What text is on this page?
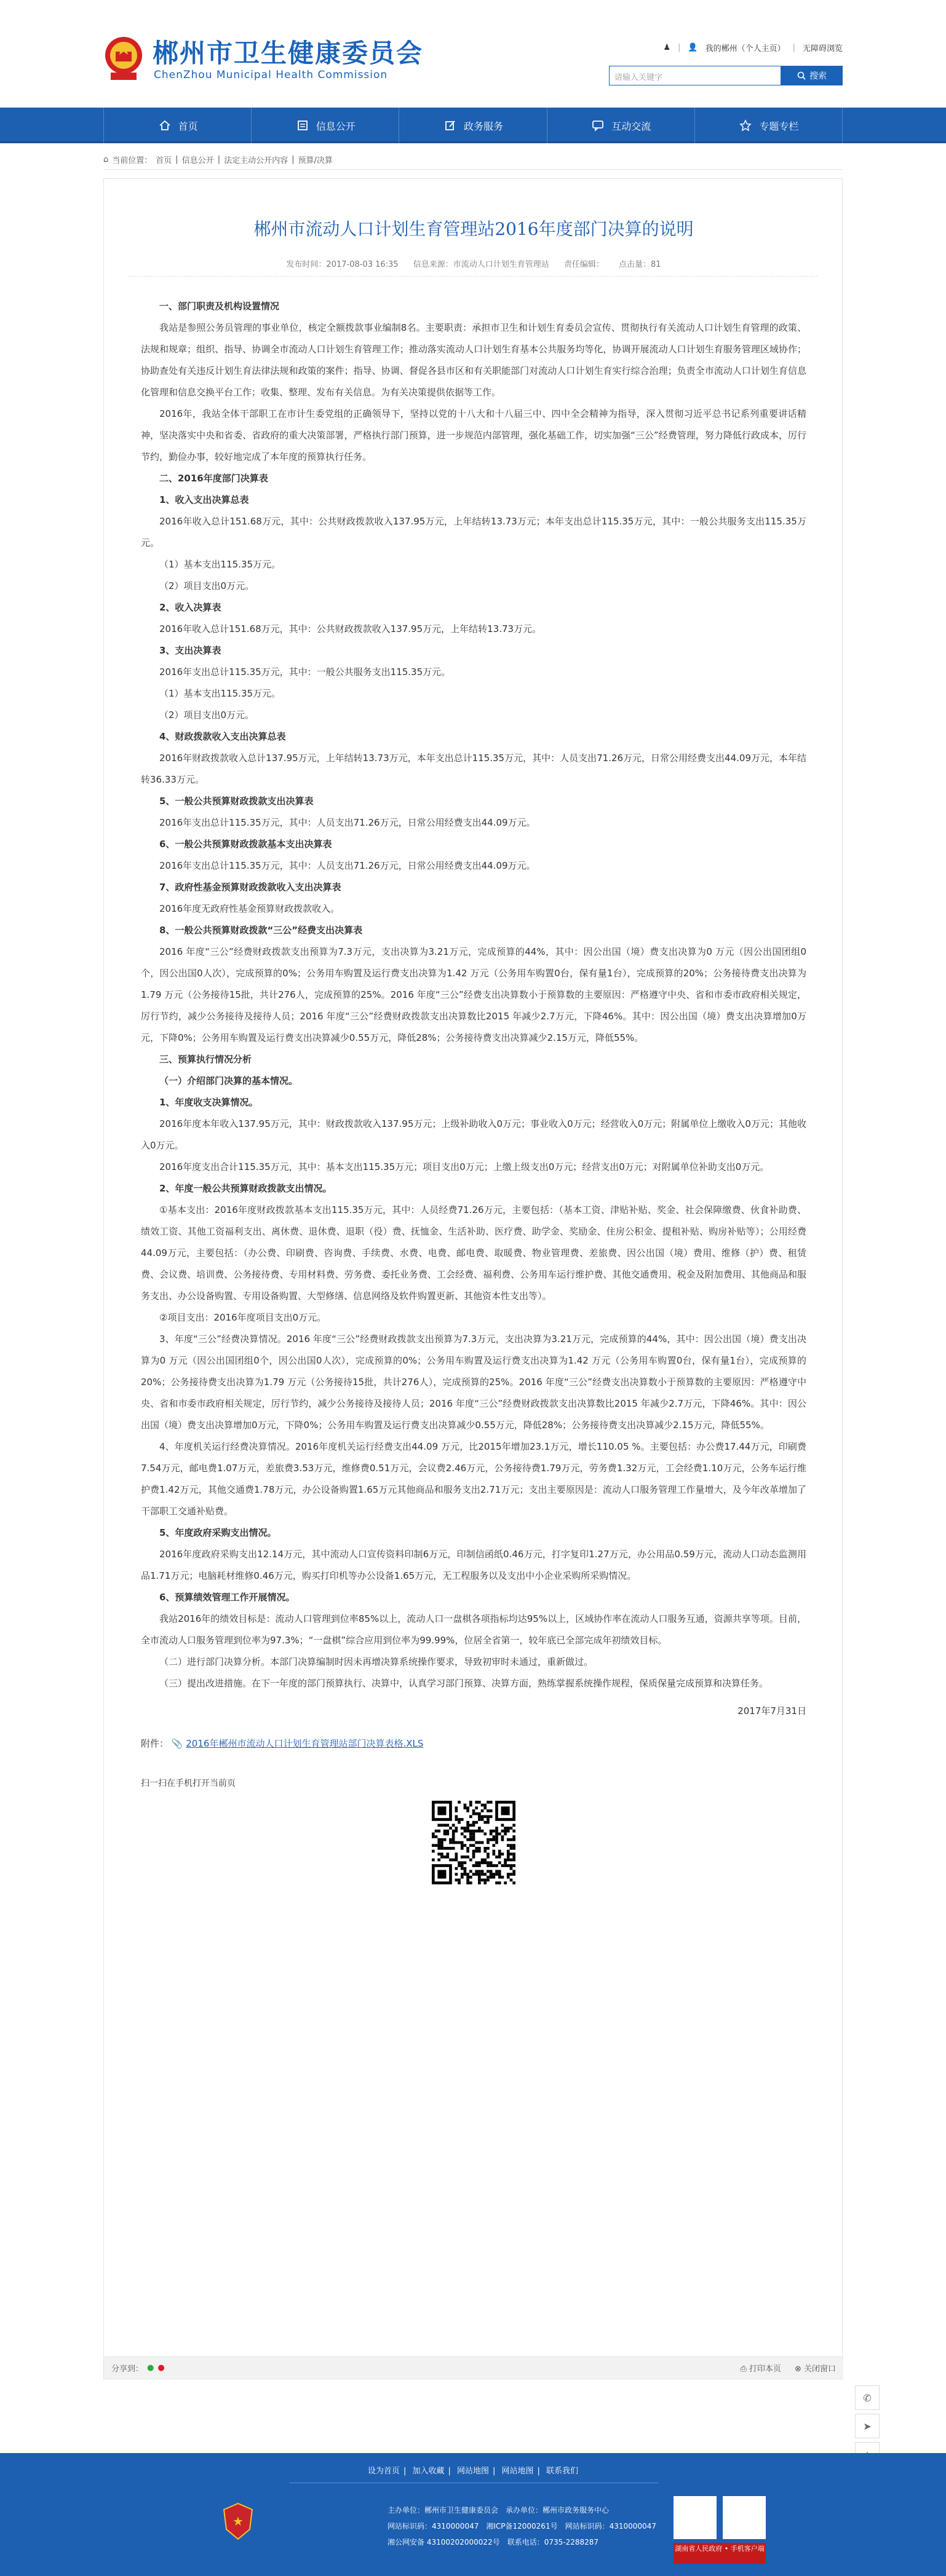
郴州市卫生健康委员会
ChenZhou Municipal Health Commission
♟ | 👤 我的郴州（个人主页） | 无障碍浏览
请输入关键字	搜索
首页	信息公开	政务服务	互动交流	专题专栏
⌂ 当前位置： 首页 | 信息公开 | 法定主动公开内容 | 预算/决算
郴州市流动人口计划生育管理站2016年度部门决算的说明
发布时间：2017-08-03 16:35 信息来源：市流动人口计划生育管理站 责任编辑： 点击量：81

一、部门职责及机构设置情况

我站是参照公务员管理的事业单位，核定全额拨款事业编制8名。主要职责：承担市卫生和计划生育委员会宣传、贯彻执行有关流动人口计划生育管理的政策、法规和规章；组织、指导、协调全市流动人口计划生育管理工作；推动落实流动人口计划生育基本公共服务均等化，协调开展流动人口计划生育服务管理区域协作；协助查处有关违反计划生育法律法规和政策的案件；指导、协调、督促各县市区和有关职能部门对流动人口计划生育实行综合治理；负责全市流动人口计划生育信息化管理和信息交换平台工作；收集、整理、发布有关信息。为有关决策提供依据等工作。

2016年，我站全体干部职工在市计生委党组的正确领导下，坚持以党的十八大和十八届三中、四中全会精神为指导，深入贯彻习近平总书记系列重要讲话精神，坚决落实中央和省委、省政府的重大决策部署，严格执行部门预算，进一步规范内部管理，强化基础工作，切实加强“三公”经费管理，努力降低行政成本，厉行节约，勤俭办事，较好地完成了本年度的预算执行任务。

二、2016年度部门决算表

1、收入支出决算总表

2016年收入总计151.68万元，其中：公共财政拨款收入137.95万元，上年结转13.73万元；本年支出总计115.35万元，其中：一般公共服务支出115.35万元。

（1）基本支出115.35万元。

（2）项目支出0万元。

2、收入决算表

2016年收入总计151.68万元，其中：公共财政拨款收入137.95万元，上年结转13.73万元。

3、支出决算表

2016年支出总计115.35万元，其中：一般公共服务支出115.35万元。

（1）基本支出115.35万元。

（2）项目支出0万元。

4、财政拨款收入支出决算总表

2016年财政拨款收入总计137.95万元，上年结转13.73万元，本年支出总计115.35万元，其中：人员支出71.26万元，日常公用经费支出44.09万元，本年结转36.33万元。

5、一般公共预算财政拨款支出决算表

2016年支出总计115.35万元，其中：人员支出71.26万元，日常公用经费支出44.09万元。

6、一般公共预算财政拨款基本支出决算表

2016年支出总计115.35万元，其中：人员支出71.26万元，日常公用经费支出44.09万元。

7、政府性基金预算财政拨款收入支出决算表

2016年度无政府性基金预算财政拨款收入。

8、一般公共预算财政拨款“三公”经费支出决算表

2016 年度“三公”经费财政拨款支出预算为7.3万元，支出决算为3.21万元，完成预算的44%，其中：因公出国（境）费支出决算为0 万元（因公出国团组0个，因公出国0人次），完成预算的0%；公务用车购置及运行费支出决算为1.42 万元（公务用车购置0台，保有量1台），完成预算的20%；公务接待费支出决算为1.79 万元（公务接待15批，共计276人，完成预算的25%。2016 年度“三公”经费支出决算数小于预算数的主要原因：严格遵守中央、省和市委市政府相关规定，厉行节约，减少公务接待及接待人员；2016 年度“三公”经费财政拨款支出决算数比2015 年减少2.7万元，下降46%。其中：因公出国（境）费支出决算增加0万元，下降0%；公务用车购置及运行费支出决算减少0.55万元，降低28%；公务接待费支出决算减少2.15万元，降低55%。

三、预算执行情况分析

（一）介绍部门决算的基本情况。

1、年度收支决算情况。

2016年度本年收入137.95万元，其中：财政拨款收入137.95万元；上级补助收入0万元；事业收入0万元；经营收入0万元；附属单位上缴收入0万元；其他收入0万元。

2016年度支出合计115.35万元，其中：基本支出115.35万元；项目支出0万元；上缴上级支出0万元；经营支出0万元；对附属单位补助支出0万元。

2、年度一般公共预算财政拨款支出情况。

①基本支出：2016年度财政拨款基本支出115.35万元，其中：人员经费71.26万元，主要包括：（基本工资、津贴补贴、奖金、社会保障缴费、伙食补助费、绩效工资、其他工资福利支出、离休费、退休费、退职（役）费、抚恤金、生活补助、医疗费、助学金、奖励金、住房公积金、提租补贴、购房补贴等）；公用经费44.09万元，主要包括：（办公费、印刷费、咨询费、手续费、水费、电费、邮电费、取暖费、物业管理费、差旅费、因公出国（境）费用、维修（护）费、租赁费、会议费、培训费、公务接待费、专用材料费、劳务费、委托业务费、工会经费、福利费、公务用车运行维护费、其他交通费用、税金及附加费用、其他商品和服务支出、办公设备购置、专用设备购置、大型修缮、信息网络及软件购置更新、其他资本性支出等）。

②项目支出：2016年度项目支出0万元。

3、年度“三公”经费决算情况。2016 年度“三公”经费财政拨款支出预算为7.3万元，支出决算为3.21万元，完成预算的44%，其中：因公出国（境）费支出决算为0 万元（因公出国团组0个，因公出国0人次），完成预算的0%；公务用车购置及运行费支出决算为1.42 万元（公务用车购置0台，保有量1台），完成预算的20%；公务接待费支出决算为1.79 万元（公务接待15批，共计276人），完成预算的25%。2016 年度“三公”经费支出决算数小于预算数的主要原因：严格遵守中央、省和市委市政府相关规定，厉行节约，减少公务接待及接待人员；2016 年度“三公”经费财政拨款支出决算数比2015 年减少2.7万元，下降46%。其中：因公出国（境）费支出决算增加0万元，下降0%；公务用车购置及运行费支出决算减少0.55万元，降低28%；公务接待费支出决算减少2.15万元，降低55%。

4、年度机关运行经费决算情况。2016年度机关运行经费支出44.09 万元，比2015年增加23.1万元，增长110.05 %。主要包括：办公费17.44万元，印刷费7.54万元，邮电费1.07万元，差旅费3.53万元，维修费0.51万元，会议费2.46万元，公务接待费1.79万元，劳务费1.32万元，工会经费1.10万元，公务车运行维护费1.42万元，其他交通费1.78万元，办公设备购置1.65万元其他商品和服务支出2.71万元；支出主要原因是：流动人口服务管理工作量增大，及今年改革增加了干部职工交通补贴费。

5、年度政府采购支出情况。

2016年度政府采购支出12.14万元，其中流动人口宣传资料印制6万元，印制信函纸0.46万元，打字复印1.27万元，办公用品0.59万元，流动人口动态监测用品1.71万元；电脑耗材维修0.46万元，购买打印机等办公设备1.65万元，无工程服务以及支出中小企业采购所采购情况。

6、预算绩效管理工作开展情况。

我站2016年的绩效目标是：流动人口管理到位率85%以上，流动人口一盘棋各项指标均达95%以上，区域协作率在流动人口服务互通，资源共享等项。目前，全市流动人口服务管理到位率为97.3%；“一盘棋”综合应用到位率为99.99%，位居全省第一，较年底已全部完成年初绩效目标。

（二）进行部门决算分析。本部门决算编制时因未再增决算系统操作要求，导致初审时未通过，重新做过。

（三）提出改进措施。在下一年度的部门预算执行、决算中，认真学习部门预算、决算方面，熟练掌握系统操作规程，保质保量完成预算和决算任务。

2017年7月31日

附件： 📎 2016年郴州市流动人口计划生育管理站部门决算表格.XLS

扫一扫在手机打开当前页

分享到： ● ●	⎙ 打印本页 ⊗ 关闭窗口
✆
➤
设为首页 | 加入收藏 | 网站地图 | 网站地图 | 联系我们
★
主办单位：郴州市卫生健康委员会　承办单位：郴州市政务服务中心
网站标识码：4310000047　湘ICP备12000261号　网站标识码：4310000047
湘公网安备 43100202000022号　联系电话：0735-2288287
湖南省人民政府 • 手机客户端
